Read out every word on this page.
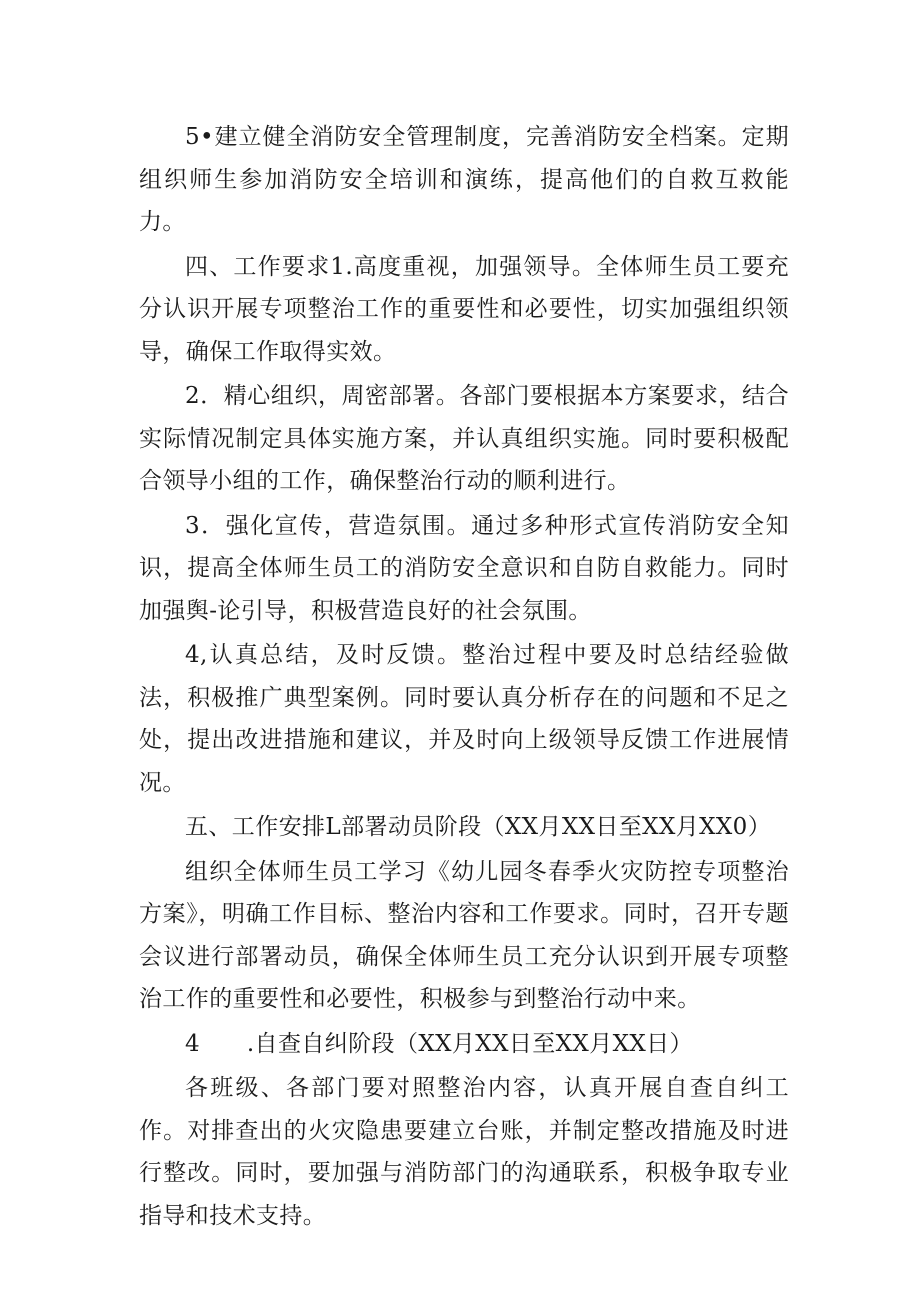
5•建立健全消防安全管理制度，完善消防安全档案。定期组织师生参加消防安全培训和演练，提高他们的自救互救能力。

四、工作要求1.高度重视，加强领导。全体师生员工要充分认识开展专项整治工作的重要性和必要性，切实加强组织领导，确保工作取得实效。

2．精心组织，周密部署。各部门要根据本方案要求，结合实际情况制定具体实施方案，并认真组织实施。同时要积极配合领导小组的工作，确保整治行动的顺利进行。

3．强化宣传，营造氛围。通过多种形式宣传消防安全知识，提高全体师生员工的消防安全意识和自防自救能力。同时加强舆-论引导，积极营造良好的社会氛围。

4,认真总结，及时反馈。整治过程中要及时总结经验做法，积极推广典型案例。同时要认真分析存在的问题和不足之处，提出改进措施和建议，并及时向上级领导反馈工作进展情况。

五、工作安排L部署动员阶段（XX月XX日至XX月XX0）

组织全体师生员工学习《幼儿园冬春季火灾防控专项整治方案》，明确工作目标、整治内容和工作要求。同时，召开专题会议进行部署动员，确保全体师生员工充分认识到开展专项整治工作的重要性和必要性，积极参与到整治行动中来。

4　　.自查自纠阶段（XX月XX日至XX月XX日）

各班级、各部门要对照整治内容，认真开展自查自纠工作。对排查出的火灾隐患要建立台账，并制定整改措施及时进行整改。同时，要加强与消防部门的沟通联系，积极争取专业指导和技术支持。
